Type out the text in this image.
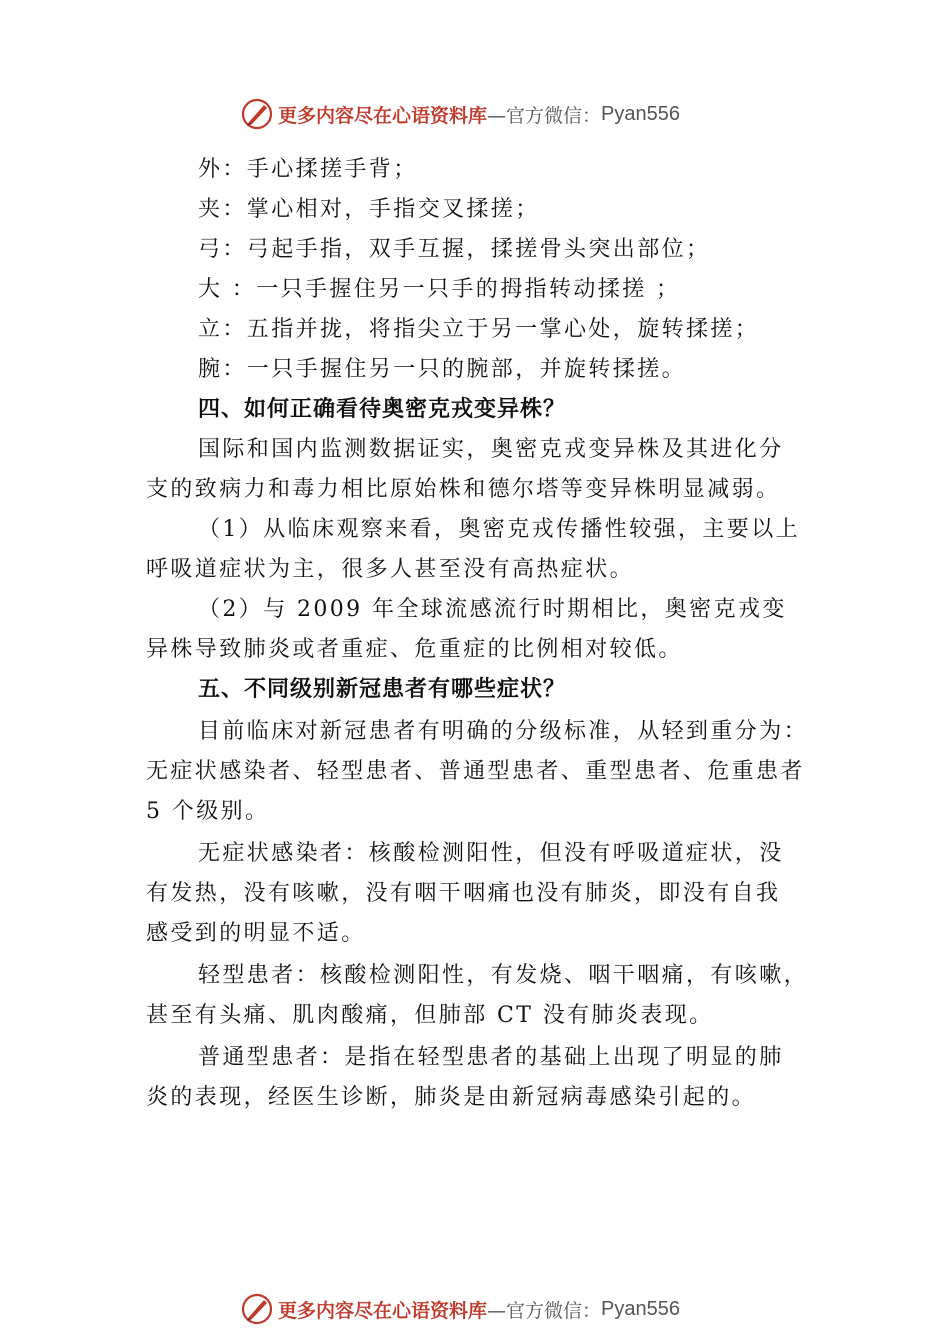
更多内容尽在心语资料库 —官方微信： Pyan556
外：手心揉搓手背；
夹：掌心相对，手指交叉揉搓；
弓：弓起手指，双手互握，揉搓骨头突出部位；
大 ：一只手握住另一只手的拇指转动揉搓 ；
立：五指并拢，将指尖立于另一掌心处，旋转揉搓；
腕：一只手握住另一只的腕部，并旋转揉搓。
四、如何正确看待奥密克戎变异株？
国际和国内监测数据证实，奥密克戎变异株及其进化分
支的致病力和毒力相比原始株和德尔塔等变异株明显减弱。
（1）从临床观察来看，奥密克戎传播性较强，主要以上
呼吸道症状为主，很多人甚至没有高热症状。
（2）与 2009 年全球流感流行时期相比，奥密克戎变
异株导致肺炎或者重症、危重症的比例相对较低。
五、不同级别新冠患者有哪些症状？
目前临床对新冠患者有明确的分级标准，从轻到重分为：
无症状感染者、轻型患者、普通型患者、重型患者、危重患者
5 个级别。
无症状感染者：核酸检测阳性，但没有呼吸道症状，没
有发热，没有咳嗽，没有咽干咽痛也没有肺炎，即没有自我
感受到的明显不适。
轻型患者：核酸检测阳性，有发烧、咽干咽痛，有咳嗽，
甚至有头痛、肌肉酸痛，但肺部 CT 没有肺炎表现。
普通型患者：是指在轻型患者的基础上出现了明显的肺
炎的表现，经医生诊断，肺炎是由新冠病毒感染引起的。
更多内容尽在心语资料库 —官方微信： Pyan556
